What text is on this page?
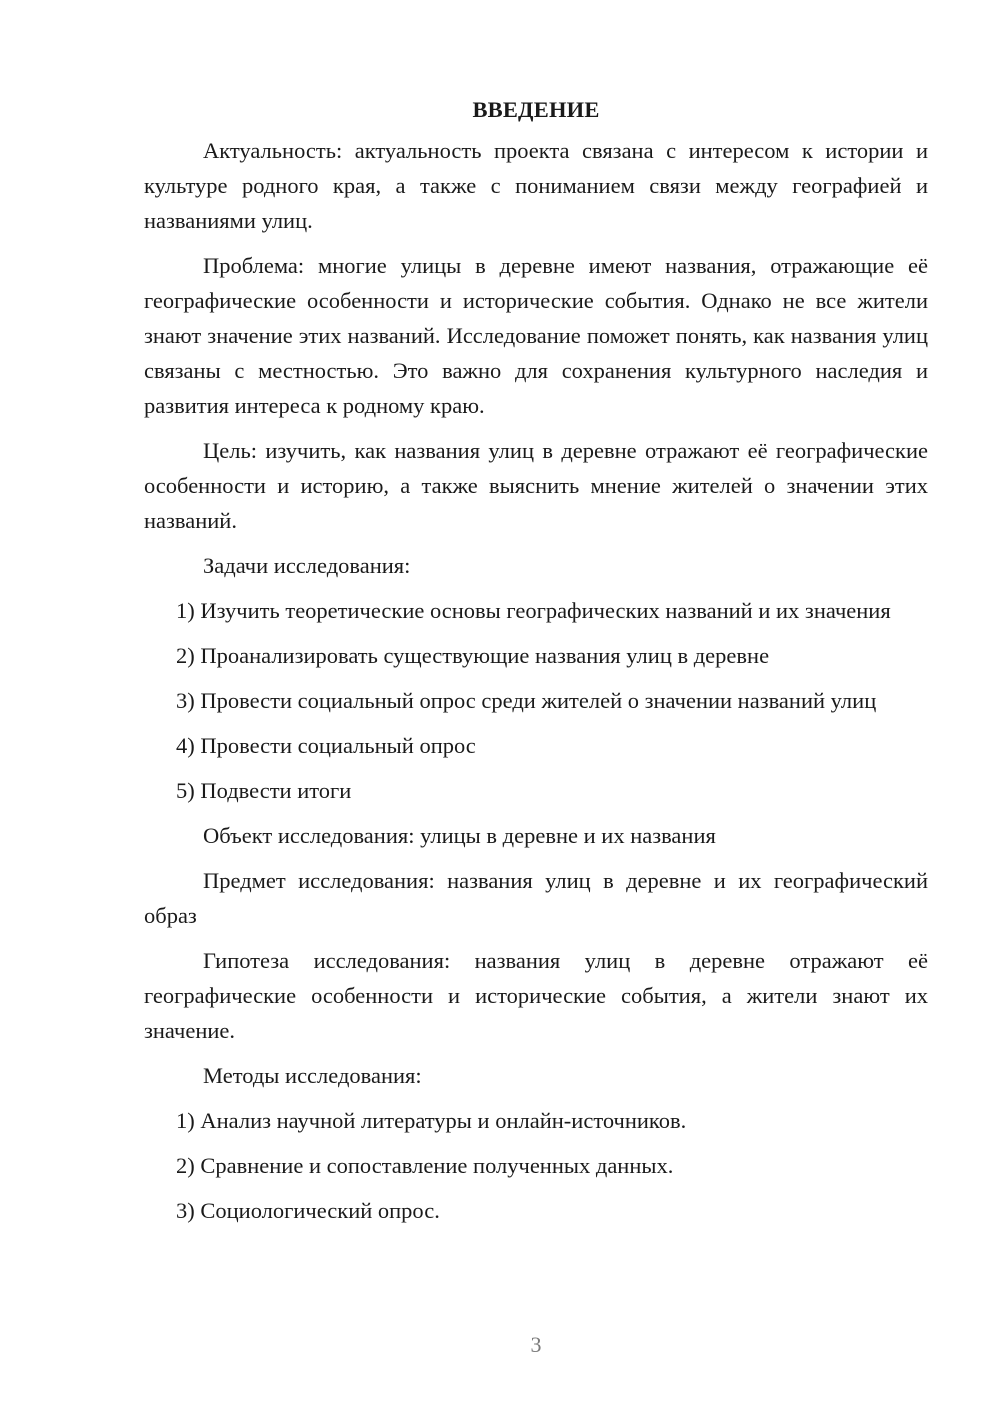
ВВЕДЕНИЕ

Актуальность: актуальность проекта связана с интересом к истории и культуре родного края, а также с пониманием связи между географией и названиями улиц.

Проблема: многие улицы в деревне имеют названия, отражающие её географические особенности и исторические события. Однако не все жители знают значение этих названий. Исследование поможет понять, как названия улиц связаны с местностью. Это важно для сохранения культурного наследия и развития интереса к родному краю.

Цель: изучить, как названия улиц в деревне отражают её географические особенности и историю, а также выяснить мнение жителей о значении этих названий.

Задачи исследования:

1) Изучить теоретические основы географических названий и их значения

2) Проанализировать существующие названия улиц в деревне

3) Провести социальный опрос среди жителей о значении названий улиц

4) Провести социальный опрос

5) Подвести итоги

Объект исследования: улицы в деревне и их названия

Предмет исследования: названия улиц в деревне и их географический образ

Гипотеза исследования: названия улиц в деревне отражают её географические особенности и исторические события, а жители знают их значение.

Методы исследования:

1) Анализ научной литературы и онлайн-источников.

2) Сравнение и сопоставление полученных данных.

3) Социологический опрос.

3
